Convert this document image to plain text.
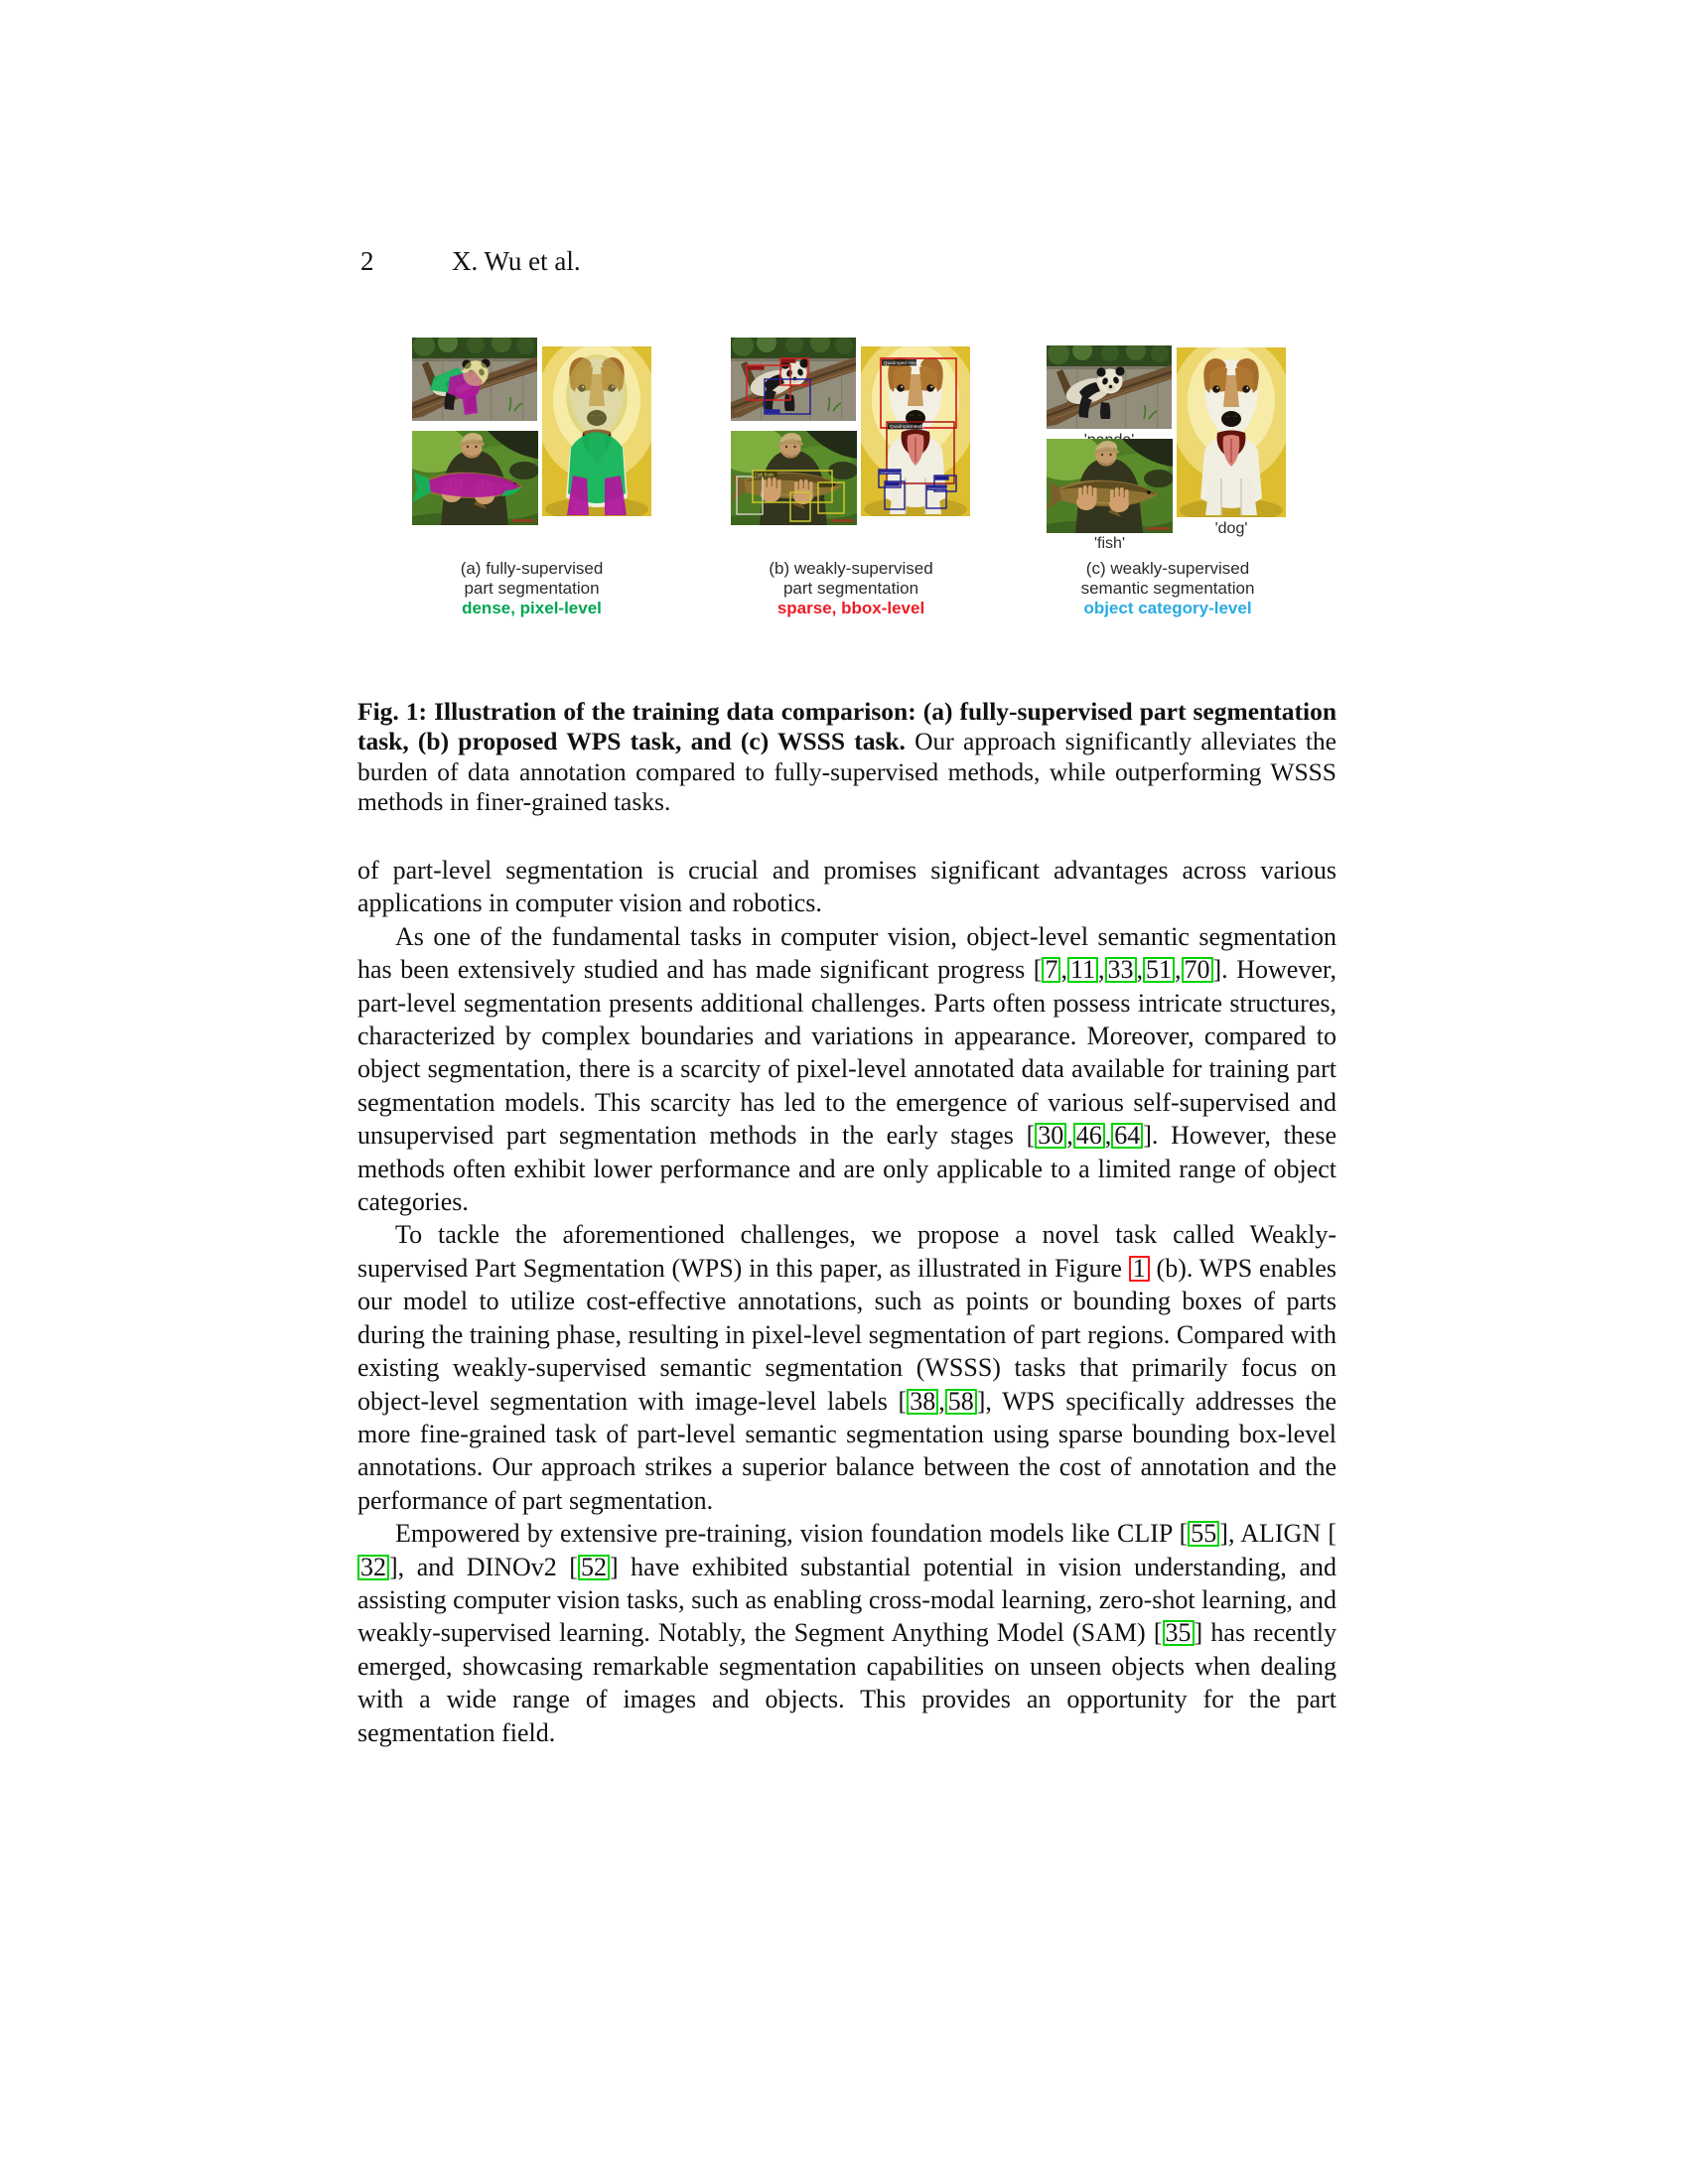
2	X. Wu et al.
Fish Body
Quadruped Head
Quadruped Body
Quadruped Foot
Quadruped Foot
'fish'
'dog'
(a) fully-supervised
part segmentation
dense, pixel-level
(b) weakly-supervised
part segmentation
sparse, bbox-level
(c) weakly-supervised
semantic segmentation
object category-level

Fig. 1: Illustration of the training data comparison: (a) fully-supervised part segmentation task, (b) proposed WPS task, and (c) WSSS task. Our approach significantly alleviates the burden of data annotation compared to fully-supervised methods, while outperforming WSSS methods in finer-grained tasks.

of part-level segmentation is crucial and promises significant advantages across various applications in computer vision and robotics.

As one of the fundamental tasks in computer vision, object-level semantic segmentation has been extensively studied and has made significant progress [ 7 , 11 , 33 , 51 , 70 ]. However, part-level segmentation presents additional challenges. Parts often possess intricate structures, characterized by complex boundaries and variations in appearance. Moreover, compared to object segmentation, there is a scarcity of pixel-level annotated data available for training part segmentation models. This scarcity has led to the emergence of various self-supervised and unsupervised part segmentation methods in the early stages [ 30 , 46 , 64 ]. However, these methods often exhibit lower performance and are only applicable to a limited range of object categories.

To tackle the aforementioned challenges, we propose a novel task called Weakly-supervised Part Segmentation (WPS) in this paper, as illustrated in Figure 1 (b). WPS enables our model to utilize cost-effective annotations, such as points or bounding boxes of parts during the training phase, resulting in pixel-level segmentation of part regions. Compared with existing weakly-supervised semantic segmentation (WSSS) tasks that primarily focus on object-level segmentation with image-level labels [ 38 , 58 ], WPS specifically addresses the more fine-grained task of part-level semantic segmentation using sparse bounding box-level annotations. Our approach strikes a superior balance between the cost of annotation and the performance of part segmentation.

Empowered by extensive pre-training, vision foundation models like CLIP [ 55 ], ALIGN [32 ], and DINOv2 [ 52 ] have exhibited substantial potential in vision understanding, and assisting computer vision tasks, such as enabling cross-modal learning, zero-shot learning, and weakly-supervised learning. Notably, the Segment Anything Model (SAM) [ 35 ] has recently emerged, showcasing remarkable segmentation capabilities on unseen objects when dealing with a wide range of images and objects. This provides an opportunity for the part segmentation field.
